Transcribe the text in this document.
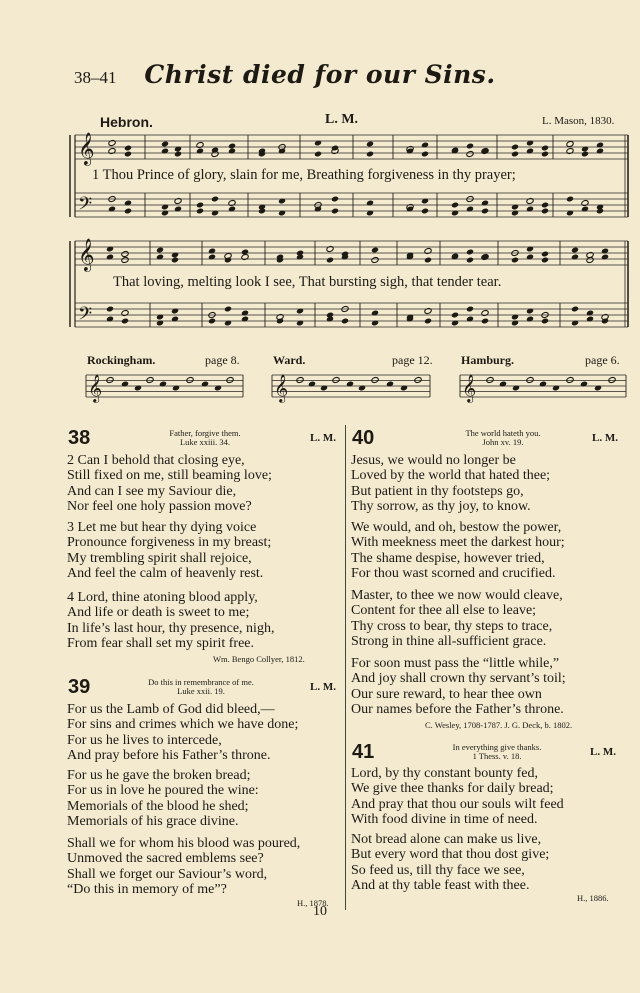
38–41	Christ died for our Sins.
Hebron.	L. M.	L. Mason, 1830.
𝄞
𝄢
𝄞
𝄢
𝄞	𝄞	𝄞
1 Thou Prince of glory, slain for me, Breathing forgiveness in thy prayer;
That loving, melting look I see, That bursting sigh, that tender tear.
Rockingham.	page 8.	Ward.	page 12. Hamburg.	page 6.
38	Father, forgive them.
Luke xxiii. 34.	L. M.
2 Can I behold that closing eye,
Still fixed on me, still beaming love;
And can I see my Saviour die,
Nor feel one holy passion move?
3 Let me but hear thy dying voice
Pronounce forgiveness in my breast;
My trembling spirit shall rejoice,
And feel the calm of heavenly rest.
4 Lord, thine atoning blood apply,
And life or death is sweet to me;
In life’s last hour, thy presence, nigh,
From fear shall set my spirit free.
Wm. Bengo Collyer, 1812.
39	Do this in remembrance of me.
Luke xxii. 19.	L. M.
For us the Lamb of God did bleed,—
For sins and crimes which we have done;
For us he lives to intercede,
And pray before his Father’s throne.
For us he gave the broken bread;
For us in love he poured the wine:
Memorials of the blood he shed;
Memorials of his grace divine.
Shall we for whom his blood was poured,
Unmoved the sacred emblems see?
Shall we forget our Saviour’s word,
“Do this in memory of me”?
H., 1878.
40	The world hateth you.
John xv. 19.	L. M.
Jesus, we would no longer be
Loved by the world that hated thee;
But patient in thy footsteps go,
Thy sorrow, as thy joy, to know.
We would, and oh, bestow the power,
With meekness meet the darkest hour;
The shame despise, however tried,
For thou wast scorned and crucified.
Master, to thee we now would cleave,
Content for thee all else to leave;
Thy cross to bear, thy steps to trace,
Strong in thine all-sufficient grace.
For soon must pass the “little while,”
And joy shall crown thy servant’s toil;
Our sure reward, to hear thee own
Our names before the Father’s throne.
C. Wesley, 1708-1787. J. G. Deck, b. 1802.
41	In everything give thanks.
1 Thess. v. 18.	L. M.
Lord, by thy constant bounty fed,
We give thee thanks for daily bread;
And pray that thou our souls wilt feed
With food divine in time of need.
Not bread alone can make us live,
But every word that thou dost give;
So feed us, till thy face we see,
And at thy table feast with thee.
H., 1886.
10
